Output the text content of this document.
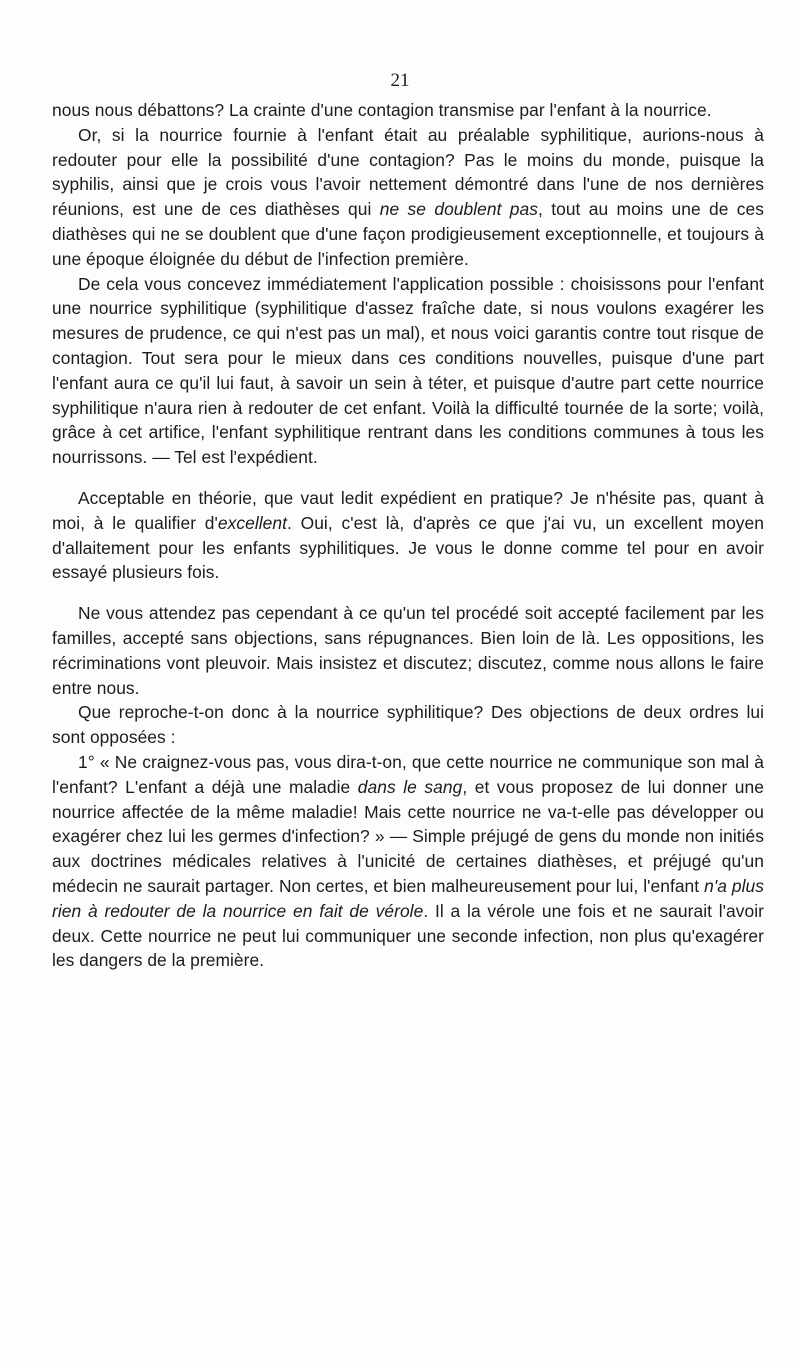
21

nous nous débattons? La crainte d'une contagion transmise par l'enfant à la nourrice.

Or, si la nourrice fournie à l'enfant était au préalable syphilitique, aurions-nous à redouter pour elle la possibilité d'une contagion? Pas le moins du monde, puisque la syphilis, ainsi que je crois vous l'avoir nettement démontré dans l'une de nos dernières réunions, est une de ces diathèses qui ne se doublent pas, tout au moins une de ces diathèses qui ne se doublent que d'une façon prodigieusement exceptionnelle, et toujours à une époque éloignée du début de l'infection première.

De cela vous concevez immédiatement l'application possible : choisissons pour l'enfant une nourrice syphilitique (syphilitique d'assez fraîche date, si nous voulons exagérer les mesures de prudence, ce qui n'est pas un mal), et nous voici garantis contre tout risque de contagion. Tout sera pour le mieux dans ces conditions nouvelles, puisque d'une part l'enfant aura ce qu'il lui faut, à savoir un sein à téter, et puisque d'autre part cette nourrice syphilitique n'aura rien à redouter de cet enfant. Voilà la difficulté tournée de la sorte; voilà, grâce à cet artifice, l'enfant syphilitique rentrant dans les conditions communes à tous les nourrissons. — Tel est l'expédient.

Acceptable en théorie, que vaut ledit expédient en pratique? Je n'hésite pas, quant à moi, à le qualifier d'excellent. Oui, c'est là, d'après ce que j'ai vu, un excellent moyen d'allaitement pour les enfants syphilitiques. Je vous le donne comme tel pour en avoir essayé plusieurs fois.

Ne vous attendez pas cependant à ce qu'un tel procédé soit accepté facilement par les familles, accepté sans objections, sans répugnances. Bien loin de là. Les oppositions, les récriminations vont pleuvoir. Mais insistez et discutez; discutez, comme nous allons le faire entre nous.

Que reproche-t-on donc à la nourrice syphilitique? Des objections de deux ordres lui sont opposées :

1° « Ne craignez-vous pas, vous dira-t-on, que cette nourrice ne communique son mal à l'enfant? L'enfant a déjà une maladie dans le sang, et vous proposez de lui donner une nourrice affectée de la même maladie! Mais cette nourrice ne va-t-elle pas développer ou exagérer chez lui les germes d'infection? » — Simple préjugé de gens du monde non initiés aux doctrines médicales relatives à l'unicité de certaines diathèses, et préjugé qu'un médecin ne saurait partager. Non certes, et bien malheureusement pour lui, l'enfant n'a plus rien à redouter de la nourrice en fait de vérole. Il a la vérole une fois et ne saurait l'avoir deux. Cette nourrice ne peut lui communiquer une seconde infection, non plus qu'exagérer les dangers de la première.
